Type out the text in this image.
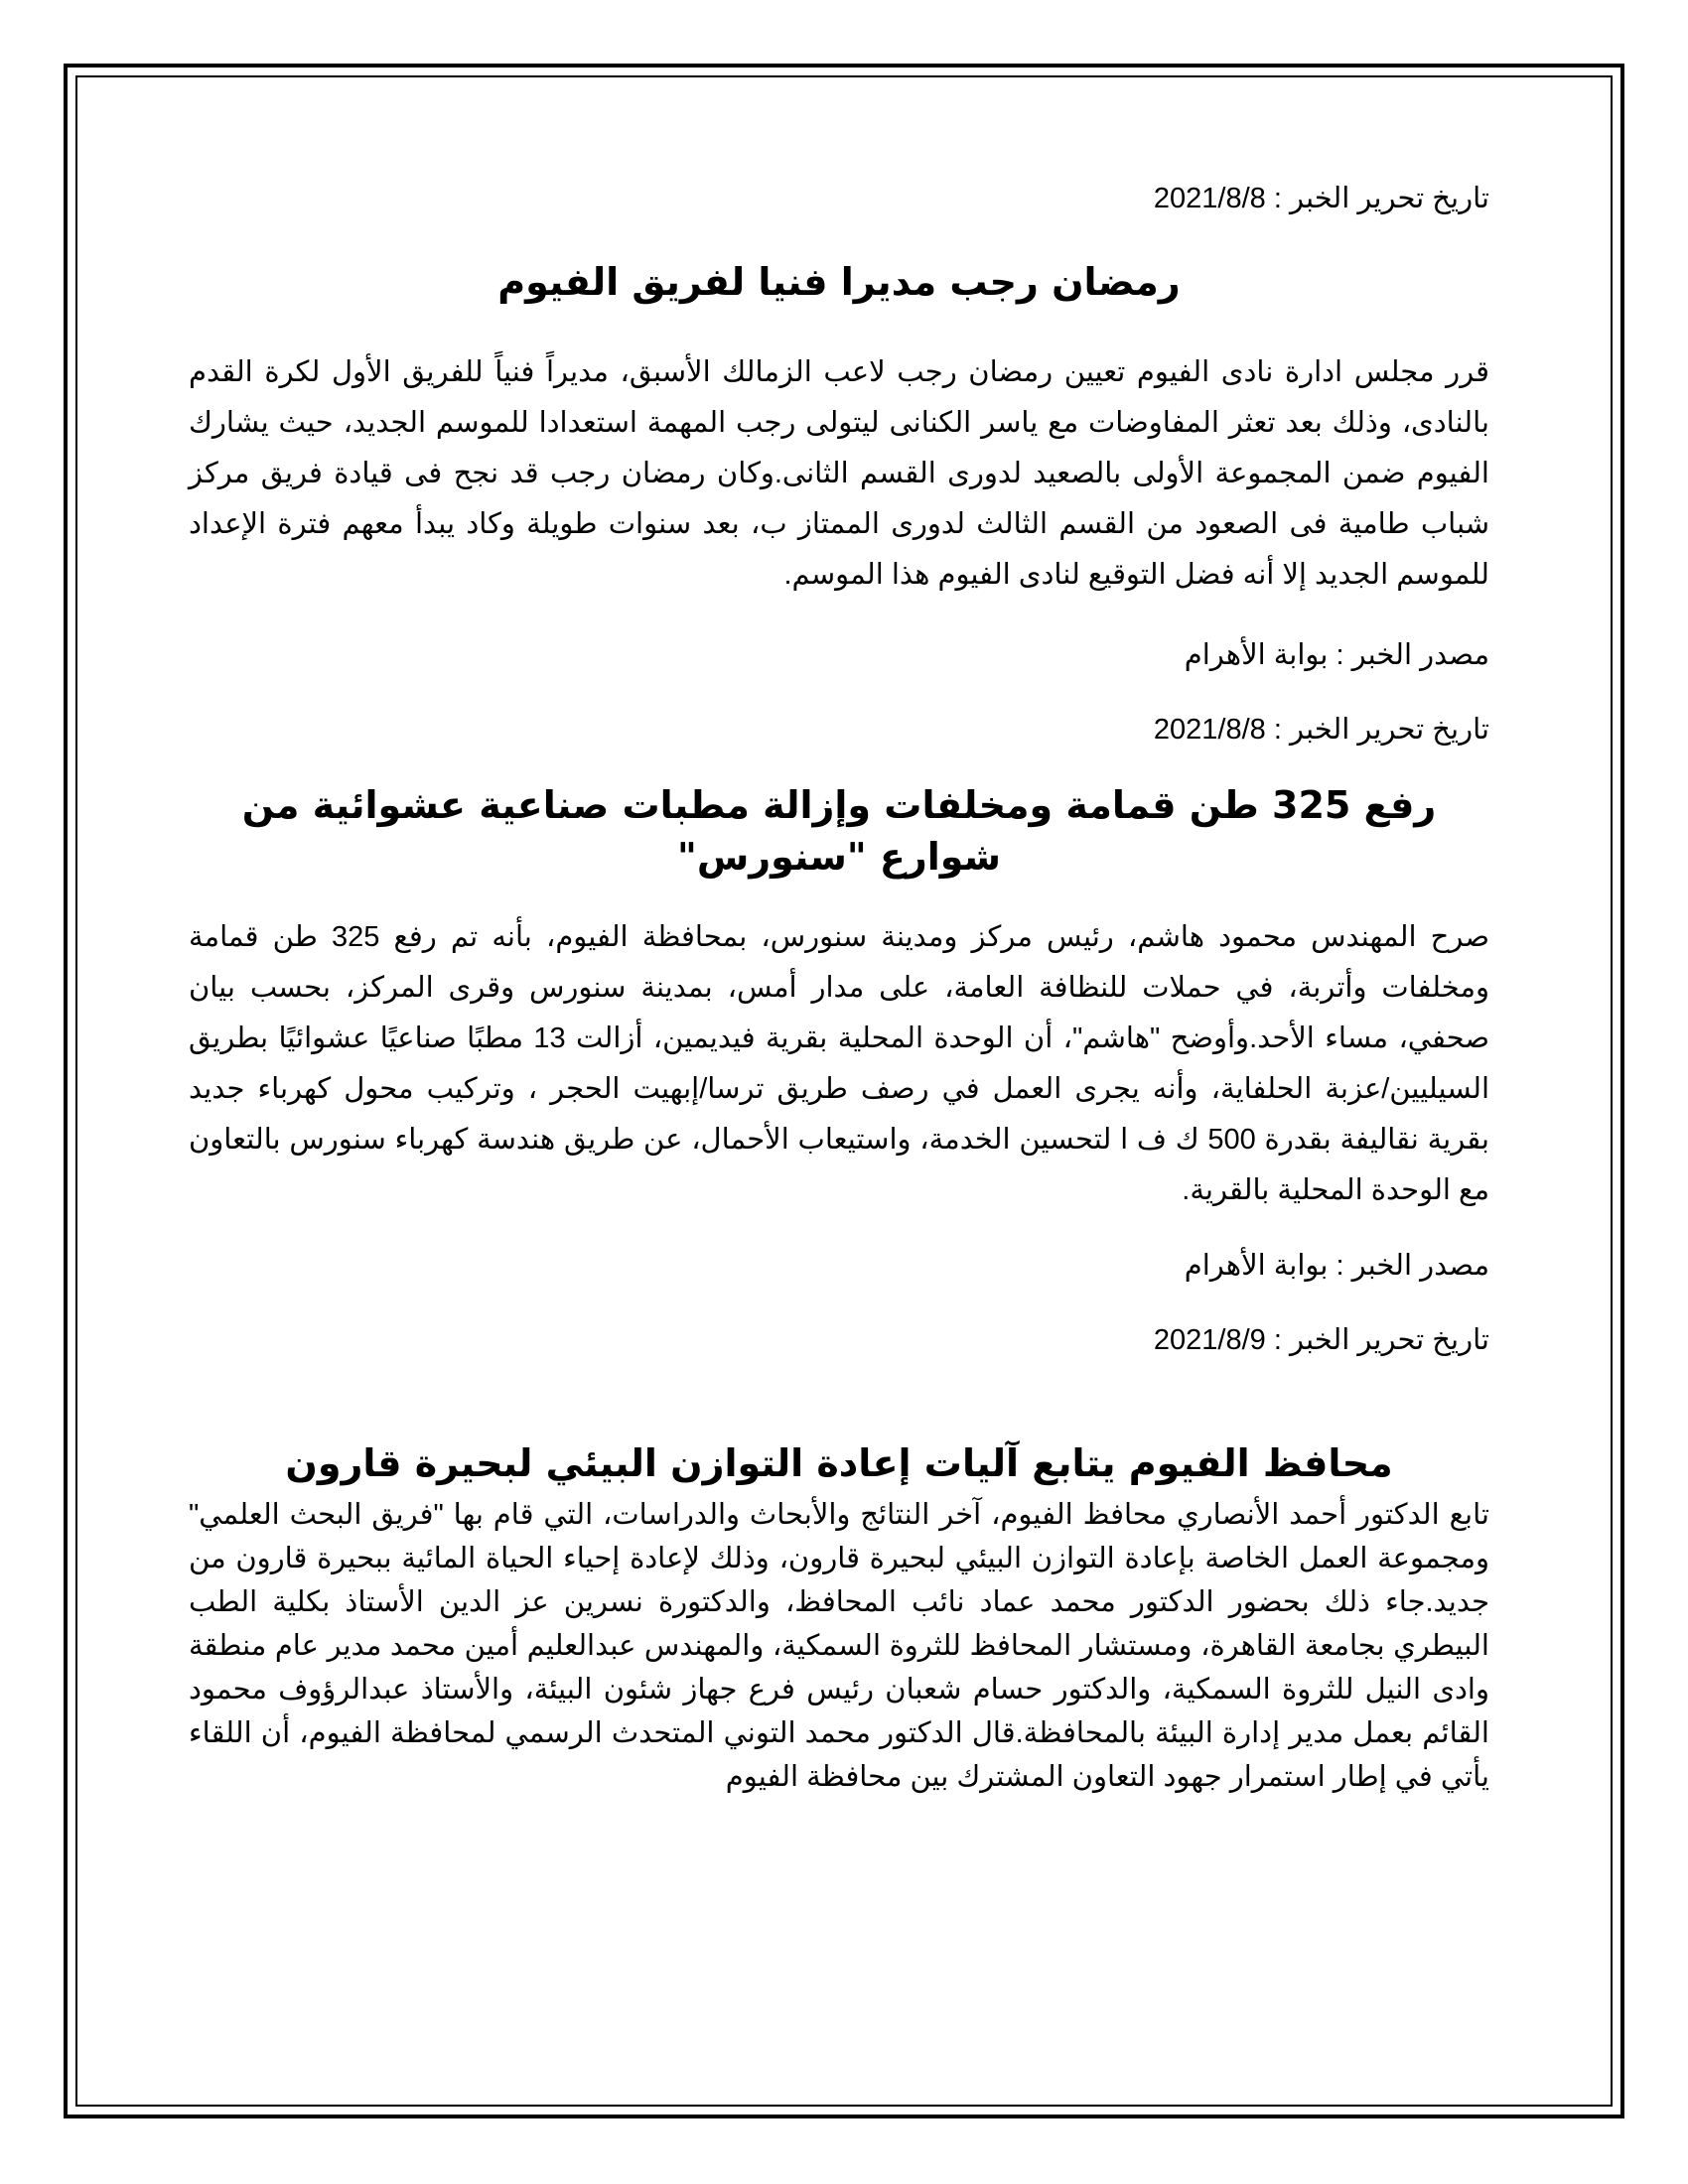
تاريخ تحرير الخبر : 2021/8/8

رمضان رجب مديرا فنيا لفريق الفيوم

قرر مجلس ادارة نادى الفيوم تعيين رمضان رجب لاعب الزمالك الأسبق، مديراً فنياً للفريق الأول لكرة القدم بالنادى، وذلك بعد تعثر المفاوضات مع ياسر الكنانى ليتولى رجب المهمة استعدادا للموسم الجديد، حيث يشارك الفيوم ضمن المجموعة الأولى بالصعيد لدورى القسم الثانى.وكان رمضان رجب قد نجح فى قيادة فريق مركز شباب طامية فى الصعود من القسم الثالث لدورى الممتاز ب، بعد سنوات طويلة وكاد يبدأ معهم فترة الإعداد للموسم الجديد إلا أنه فضل التوقيع لنادى الفيوم هذا الموسم.

مصدر الخبر : بوابة الأهرام

تاريخ تحرير الخبر : 2021/8/8

رفع 325 طن قمامة ومخلفات وإزالة مطبات صناعية عشوائية من شوارع "سنورس"

صرح المهندس محمود هاشم، رئيس مركز ومدينة سنورس، بمحافظة الفيوم، بأنه تم رفع 325 طن قمامة ومخلفات وأتربة، في حملات للنظافة العامة، على مدار أمس، بمدينة سنورس وقرى المركز، بحسب بيان صحفي، مساء الأحد.وأوضح "هاشم"، أن الوحدة المحلية بقرية فيديمين، أزالت 13 مطبًا صناعيًا عشوائيًا بطريق السيليين/عزبة الحلفاية، وأنه يجرى العمل في رصف طريق ترسا/إبهيت الحجر ، وتركيب محول كهرباء جديد بقرية نقاليفة بقدرة 500 ك ف ا لتحسين الخدمة، واستيعاب الأحمال، عن طريق هندسة كهرباء سنورس بالتعاون مع الوحدة المحلية بالقرية.

مصدر الخبر : بوابة الأهرام

تاريخ تحرير الخبر : 2021/8/9

محافظ الفيوم يتابع آليات إعادة التوازن البيئي لبحيرة قارون

تابع الدكتور أحمد الأنصاري محافظ الفيوم، آخر النتائج والأبحاث والدراسات، التي قام بها "فريق البحث العلمي" ومجموعة العمل الخاصة بإعادة التوازن البيئي لبحيرة قارون، وذلك لإعادة إحياء الحياة المائية ببحيرة قارون من جديد.جاء ذلك بحضور الدكتور محمد عماد نائب المحافظ، والدكتورة نسرين عز الدين الأستاذ بكلية الطب البيطري بجامعة القاهرة، ومستشار المحافظ للثروة السمكية، والمهندس عبدالعليم أمين محمد مدير عام منطقة وادى النيل للثروة السمكية، والدكتور حسام شعبان رئيس فرع جهاز شئون البيئة، والأستاذ عبدالرؤوف محمود القائم بعمل مدير إدارة البيئة بالمحافظة.قال الدكتور محمد التوني المتحدث الرسمي لمحافظة الفيوم، أن اللقاء يأتي في إطار استمرار جهود التعاون المشترك بين محافظة الفيوم
